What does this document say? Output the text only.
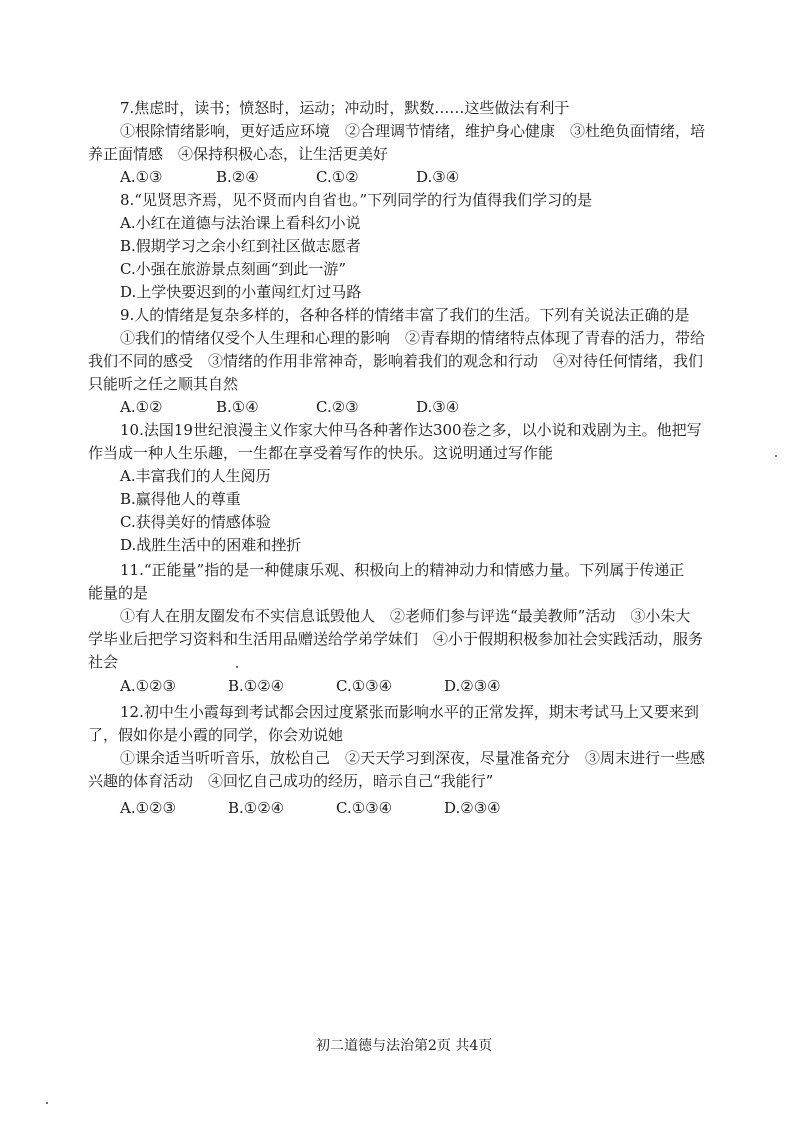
7.焦虑时，读书；愤怒时，运动；冲动时，默数……这些做法有利于
①根除情绪影响，更好适应环境　②合理调节情绪，维护身心健康　③杜绝负面情绪，培
养正面情感　④保持积极心态，让生活更美好
A.①③	B.②④	C.①②	D.③④
8.“见贤思齐焉，见不贤而内自省也。”下列同学的行为值得我们学习的是
A.小红在道德与法治课上看科幻小说
B.假期学习之余小红到社区做志愿者
C.小强在旅游景点刻画“到此一游”
D.上学快要迟到的小董闯红灯过马路
9.人的情绪是复杂多样的，各种各样的情绪丰富了我们的生活。下列有关说法正确的是
①我们的情绪仅受个人生理和心理的影响　②青春期的情绪特点体现了青春的活力，带给
我们不同的感受　③情绪的作用非常神奇，影响着我们的观念和行动　④对待任何情绪，我们
只能听之任之顺其自然
A.①②	B.①④	C.②③	D.③④
10.法国19世纪浪漫主义作家大仲马各种著作达300卷之多，以小说和戏剧为主。他把写
作当成一种人生乐趣，一生都在享受着写作的快乐。这说明通过写作能
A.丰富我们的人生阅历
B.赢得他人的尊重
C.获得美好的情感体验
D.战胜生活中的困难和挫折
11.“正能量”指的是一种健康乐观、积极向上的精神动力和情感力量。下列属于传递正
能量的是
①有人在朋友圈发布不实信息诋毁他人　②老师们参与评选“最美教师”活动　③小朱大
学毕业后把学习资料和生活用品赠送给学弟学妹们　④小于假期积极参加社会实践活动，服务
社会
A.①②③	B.①②④	C.①③④	D.②③④
12.初中生小霞每到考试都会因过度紧张而影响水平的正常发挥，期末考试马上又要来到
了，假如你是小霞的同学，你会劝说她
①课余适当听听音乐，放松自己　②天天学习到深夜，尽量准备充分　③周末进行一些感
兴趣的体育活动　④回忆自己成功的经历，暗示自己“我能行”
A.①②③	B.①②④	C.①③④	D.②③④
初二道德与法治第2页 共4页
